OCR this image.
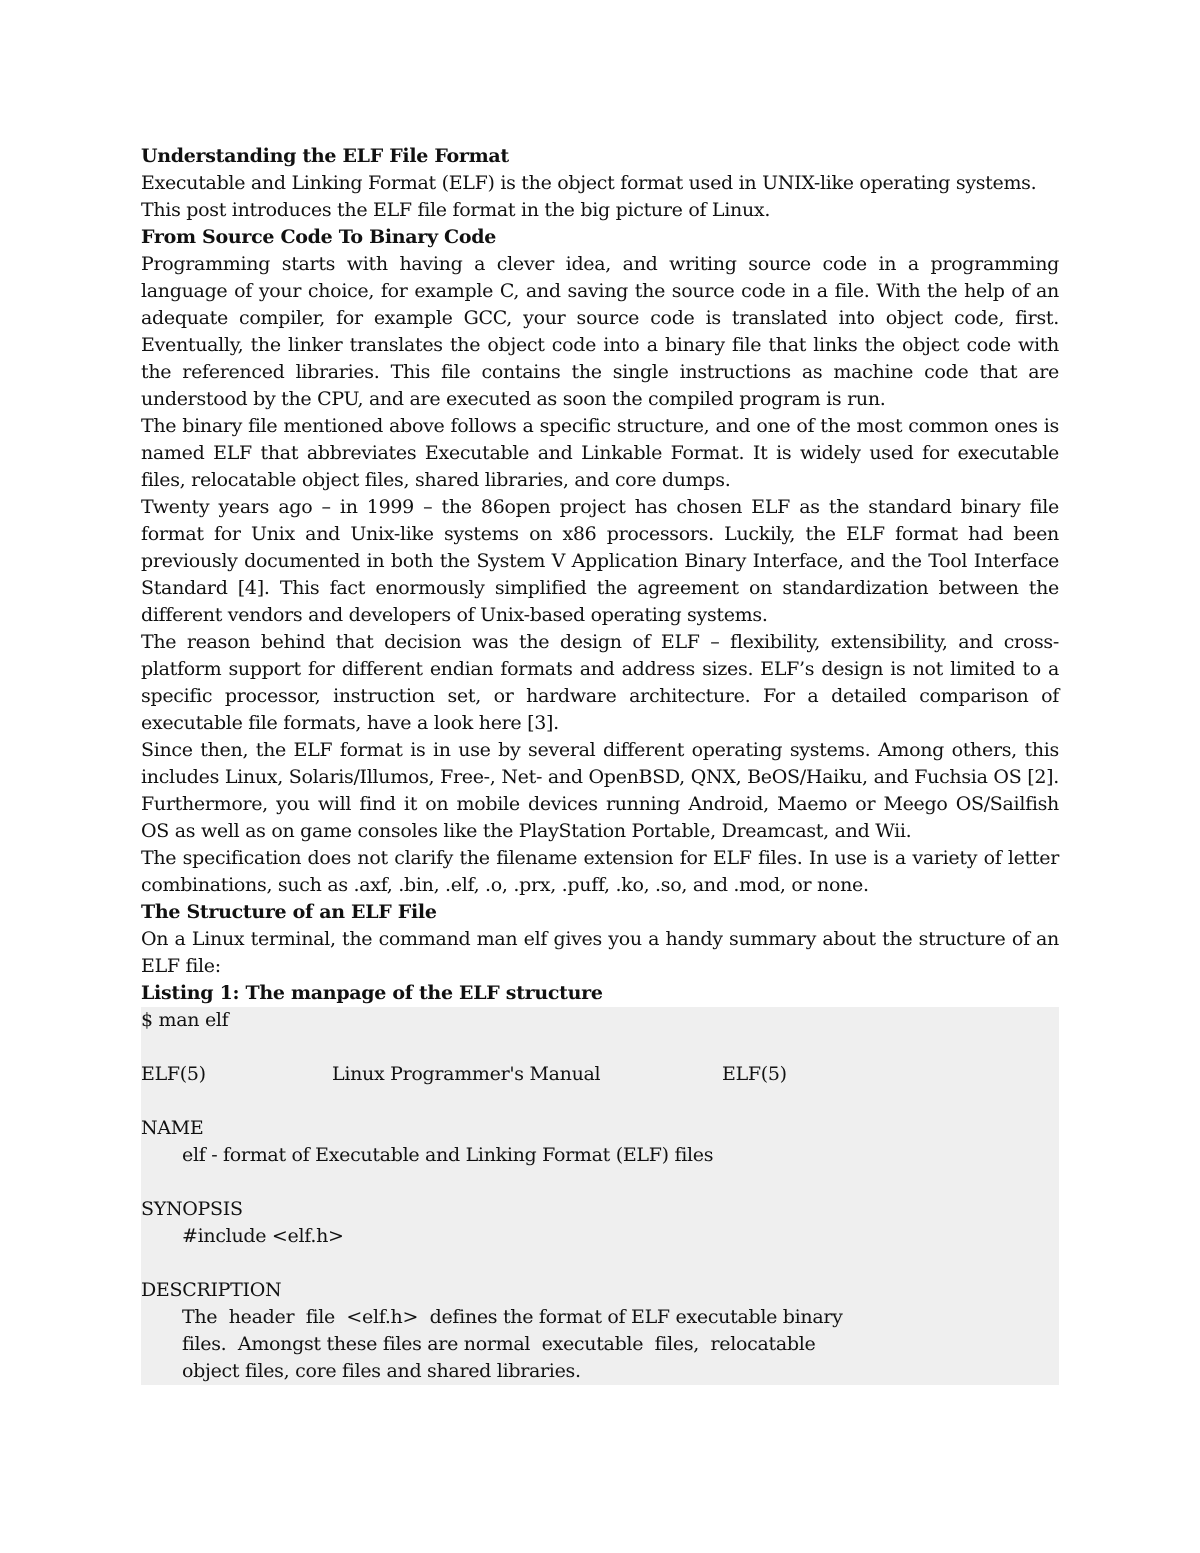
Understanding the ELF File Format

Executable and Linking Format (ELF) is the object format used in UNIX-like operating systems. This post introduces the ELF file format in the big picture of Linux.

From Source Code To Binary Code

Programming starts with having a clever idea, and writing source code in a programming language of your choice, for example C, and saving the source code in a file. With the help of an adequate compiler, for example GCC, your source code is translated into object code, first. Eventually, the linker translates the object code into a binary file that links the object code with the referenced libraries. This file contains the single instructions as machine code that are understood by the CPU, and are executed as soon the compiled program is run.

The binary file mentioned above follows a specific structure, and one of the most common ones is named ELF that abbreviates Executable and Linkable Format. It is widely used for executable files, relocatable object files, shared libraries, and core dumps.

Twenty years ago – in 1999 – the 86open project has chosen ELF as the standard binary file format for Unix and Unix-like systems on x86 processors. Luckily, the ELF format had been previously documented in both the System V Application Binary Interface, and the Tool Interface Standard [4]. This fact enormously simplified the agreement on standardization between the different vendors and developers of Unix-based operating systems.

The reason behind that decision was the design of ELF – flexibility, extensibility, and cross-platform support for different endian formats and address sizes. ELF’s design is not limited to a specific processor, instruction set, or hardware architecture. For a detailed comparison of executable file formats, have a look here [3].

Since then, the ELF format is in use by several different operating systems. Among others, this includes Linux, Solaris/Illumos, Free-, Net- and OpenBSD, QNX, BeOS/Haiku, and Fuchsia OS [2]. Furthermore, you will find it on mobile devices running Android, Maemo or Meego OS/Sailfish OS as well as on game consoles like the PlayStation Portable, Dreamcast, and Wii.

The specification does not clarify the filename extension for ELF files. In use is a variety of letter combinations, such as .axf, .bin, .elf, .o, .prx, .puff, .ko, .so, and .mod, or none.

The Structure of an ELF File

On a Linux terminal, the command man elf gives you a handy summary about the structure of an ELF file:

Listing 1: The manpage of the ELF structure

$ man elf
ELF(5)	Linux Programmer's Manual	ELF(5)
NAME
elf - format of Executable and Linking Format (ELF) files
SYNOPSIS
#include <elf.h>
DESCRIPTION
The  header  file  <elf.h>  defines the format of ELF executable binary
files.  Amongst these files are normal  executable  files,  relocatable
object files, core files and shared libraries.
